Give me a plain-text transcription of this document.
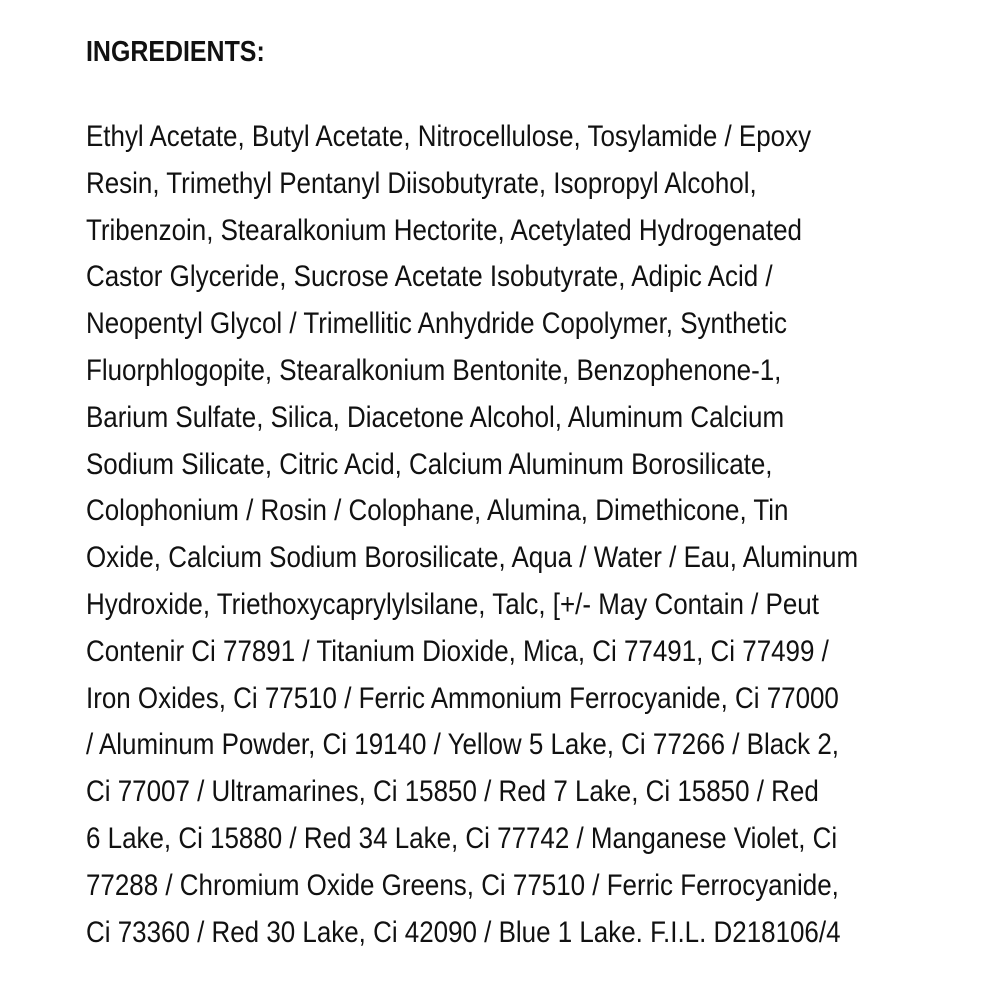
INGREDIENTS:
Ethyl Acetate, Butyl Acetate, Nitrocellulose, Tosylamide / Epoxy
Resin, Trimethyl Pentanyl Diisobutyrate, Isopropyl Alcohol,
Tribenzoin, Stearalkonium Hectorite, Acetylated Hydrogenated
Castor Glyceride, Sucrose Acetate Isobutyrate, Adipic Acid /
Neopentyl Glycol / Trimellitic Anhydride Copolymer, Synthetic
Fluorphlogopite, Stearalkonium Bentonite, Benzophenone-1,
Barium Sulfate, Silica, Diacetone Alcohol, Aluminum Calcium
Sodium Silicate, Citric Acid, Calcium Aluminum Borosilicate,
Colophonium / Rosin / Colophane, Alumina, Dimethicone, Tin
Oxide, Calcium Sodium Borosilicate, Aqua / Water / Eau, Aluminum
Hydroxide, Triethoxycaprylylsilane, Talc, [+/- May Contain / Peut
Contenir Ci 77891 / Titanium Dioxide, Mica, Ci 77491, Ci 77499 /
Iron Oxides, Ci 77510 / Ferric Ammonium Ferrocyanide, Ci 77000
/ Aluminum Powder, Ci 19140 / Yellow 5 Lake, Ci 77266 / Black 2,
Ci 77007 / Ultramarines, Ci 15850 / Red 7 Lake, Ci 15850 / Red
6 Lake, Ci 15880 / Red 34 Lake, Ci 77742 / Manganese Violet, Ci
77288 / Chromium Oxide Greens, Ci 77510 / Ferric Ferrocyanide,
Ci 73360 / Red 30 Lake, Ci 42090 / Blue 1 Lake. F.I.L. D218106/4
